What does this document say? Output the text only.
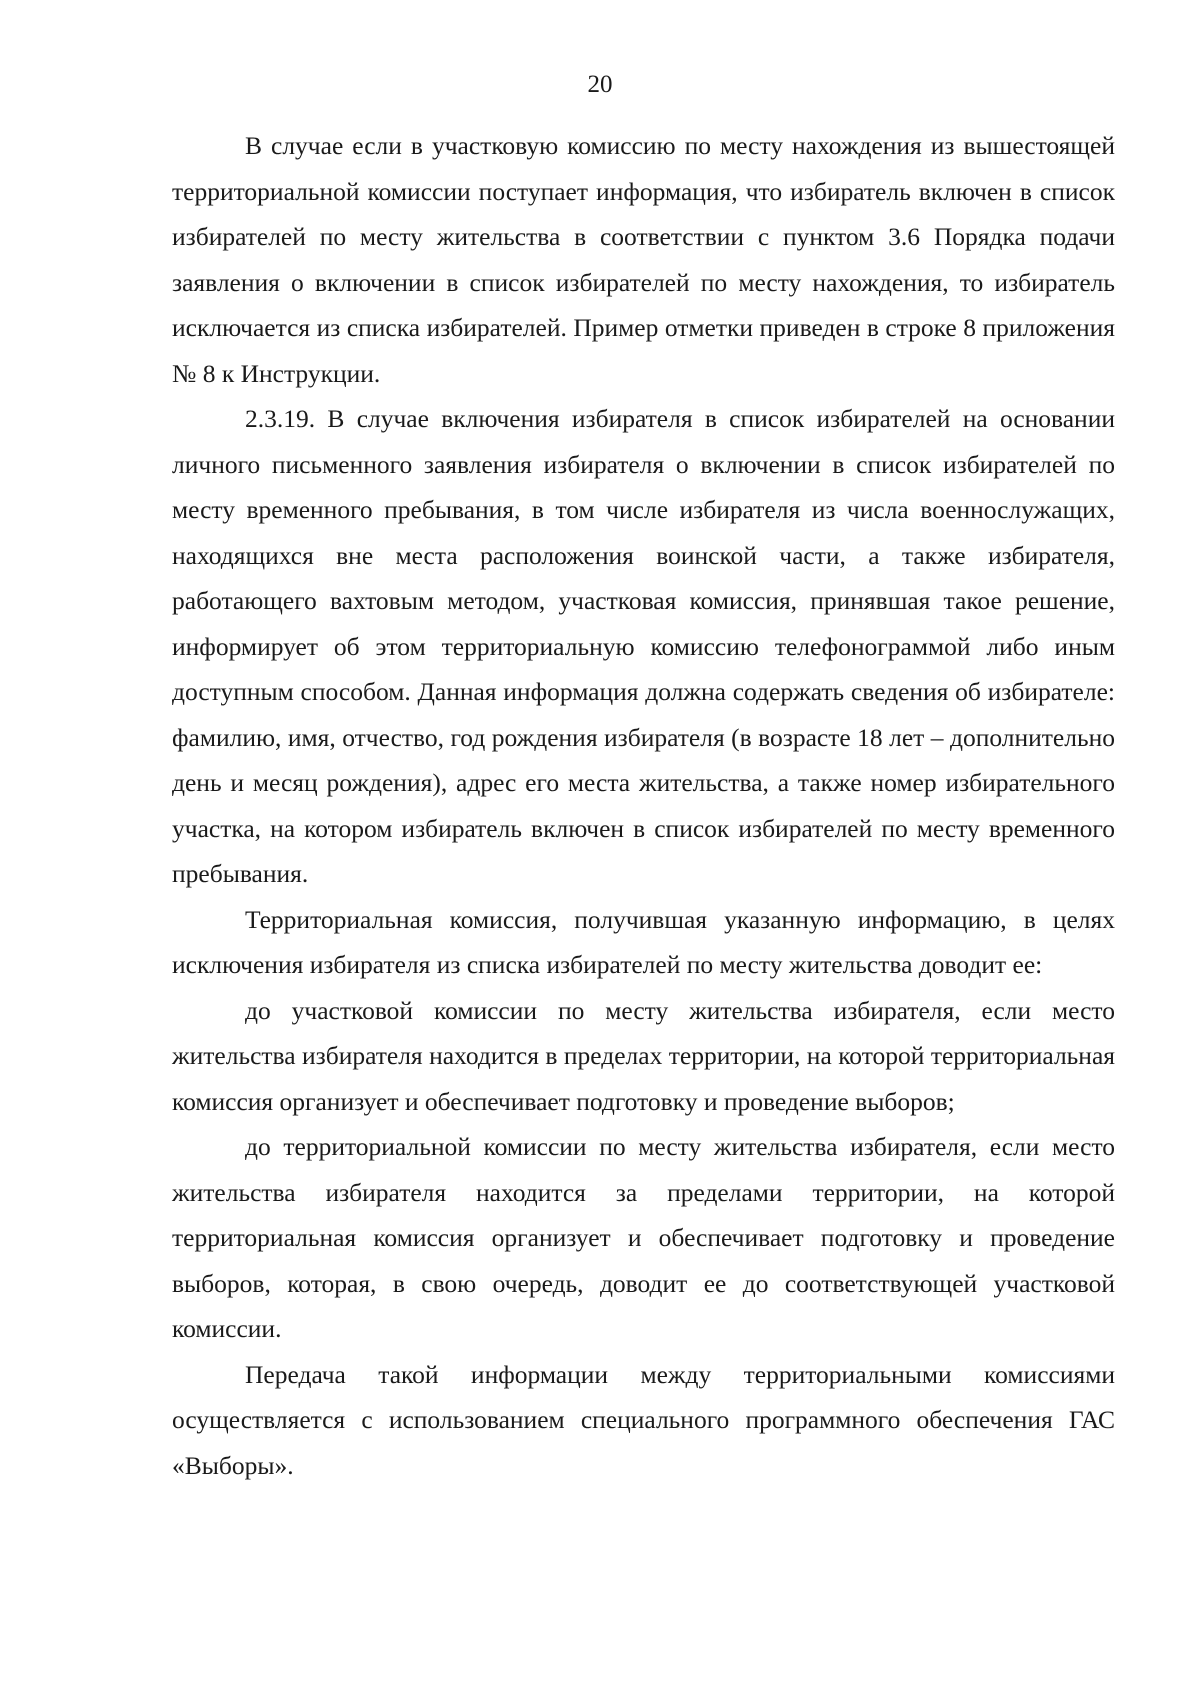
20

В случае если в участковую комиссию по месту нахождения из вышестоящей территориальной комиссии поступает информация, что избиратель включен в список избирателей по месту жительства в соответствии с пунктом 3.6 Порядка подачи заявления о включении в список избирателей по месту нахождения, то избиратель исключается из списка избирателей. Пример отметки приведен в строке 8 приложения № 8 к Инструкции.

2.3.19. В случае включения избирателя в список избирателей на основании личного письменного заявления избирателя о включении в список избирателей по месту временного пребывания, в том числе избирателя из числа военнослужащих, находящихся вне места расположения воинской части, а также избирателя, работающего вахтовым методом, участковая комиссия, принявшая такое решение, информирует об этом территориальную комиссию телефонограммой либо иным доступным способом. Данная информация должна содержать сведения об избирателе: фамилию, имя, отчество, год рождения избирателя (в возрасте 18 лет – дополнительно день и месяц рождения), адрес его места жительства, а также номер избирательного участка, на котором избиратель включен в список избирателей по месту временного пребывания.

Территориальная комиссия, получившая указанную информацию, в целях исключения избирателя из списка избирателей по месту жительства доводит ее:

до участковой комиссии по месту жительства избирателя, если место жительства избирателя находится в пределах территории, на которой территориальная комиссия организует и обеспечивает подготовку и проведение выборов;

до территориальной комиссии по месту жительства избирателя, если место жительства избирателя находится за пределами территории, на которой территориальная комиссия организует и обеспечивает подготовку и проведение выборов, которая, в свою очередь, доводит ее до соответствующей участковой комиссии.

Передача такой информации между территориальными комиссиями осуществляется с использованием специального программного обеспечения ГАС «Выборы».
